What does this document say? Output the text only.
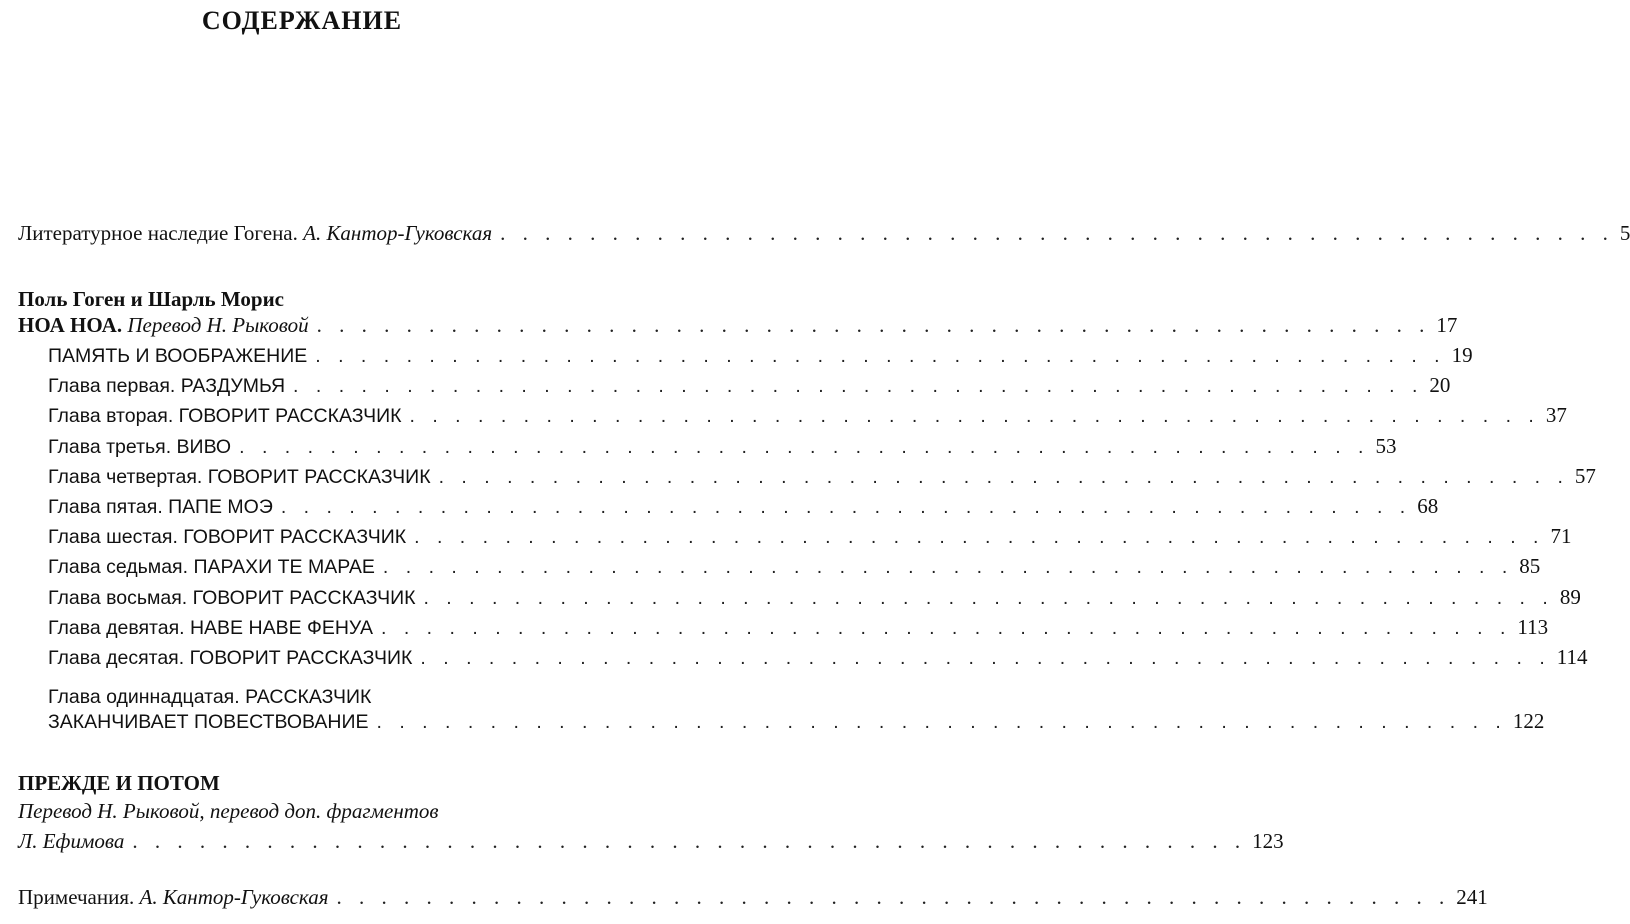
СОДЕРЖАНИЕ
Литературное наследие Гогена. А. Кантор-Гуковская . . . . . . . . . . . . . . . . . . . . . . . . . . . . . . . . . . . . . . . . . . . . . . . . . . 5
Поль Гоген и Шарль Морис
НОА НОА. Перевод Н. Рыковой . . . . . . . . . . . . . . . . . . . . . . . . . . . . . . . . . . . . . . . . . . . . . . . . . . 17
ПАМЯТЬ И ВООБРАЖЕНИЕ . . . . . . . . . . . . . . . . . . . . . . . . . . . . . . . . . . . . . . . . . . . . . . . . . . 19
Глава первая. РАЗДУМЬЯ . . . . . . . . . . . . . . . . . . . . . . . . . . . . . . . . . . . . . . . . . . . . . . . . . . 20
Глава вторая. ГОВОРИТ РАССКАЗЧИК . . . . . . . . . . . . . . . . . . . . . . . . . . . . . . . . . . . . . . . . . . . . . . . . . . 37
Глава третья. ВИВО . . . . . . . . . . . . . . . . . . . . . . . . . . . . . . . . . . . . . . . . . . . . . . . . . . 53
Глава четвертая. ГОВОРИТ РАССКАЗЧИК . . . . . . . . . . . . . . . . . . . . . . . . . . . . . . . . . . . . . . . . . . . . . . . . . . 57
Глава пятая. ПАПЕ МОЭ . . . . . . . . . . . . . . . . . . . . . . . . . . . . . . . . . . . . . . . . . . . . . . . . . . 68
Глава шестая. ГОВОРИТ РАССКАЗЧИК . . . . . . . . . . . . . . . . . . . . . . . . . . . . . . . . . . . . . . . . . . . . . . . . . . 71
Глава седьмая. ПАРАХИ ТЕ МАРАЕ . . . . . . . . . . . . . . . . . . . . . . . . . . . . . . . . . . . . . . . . . . . . . . . . . . 85
Глава восьмая. ГОВОРИТ РАССКАЗЧИК . . . . . . . . . . . . . . . . . . . . . . . . . . . . . . . . . . . . . . . . . . . . . . . . . . 89
Глава девятая. НАВЕ НАВЕ ФЕНУА . . . . . . . . . . . . . . . . . . . . . . . . . . . . . . . . . . . . . . . . . . . . . . . . . . 113
Глава десятая. ГОВОРИТ РАССКАЗЧИК . . . . . . . . . . . . . . . . . . . . . . . . . . . . . . . . . . . . . . . . . . . . . . . . . . 114
Глава одиннадцатая. РАССКАЗЧИК
ЗАКАНЧИВАЕТ ПОВЕСТВОВАНИЕ . . . . . . . . . . . . . . . . . . . . . . . . . . . . . . . . . . . . . . . . . . . . . . . . . . 122
ПРЕЖДЕ И ПОТОМ
Перевод Н. Рыковой, перевод доп. фрагментов
Л. Ефимова . . . . . . . . . . . . . . . . . . . . . . . . . . . . . . . . . . . . . . . . . . . . . . . . . . 123
Примечания. А. Кантор-Гуковская . . . . . . . . . . . . . . . . . . . . . . . . . . . . . . . . . . . . . . . . . . . . . . . . . . 241
